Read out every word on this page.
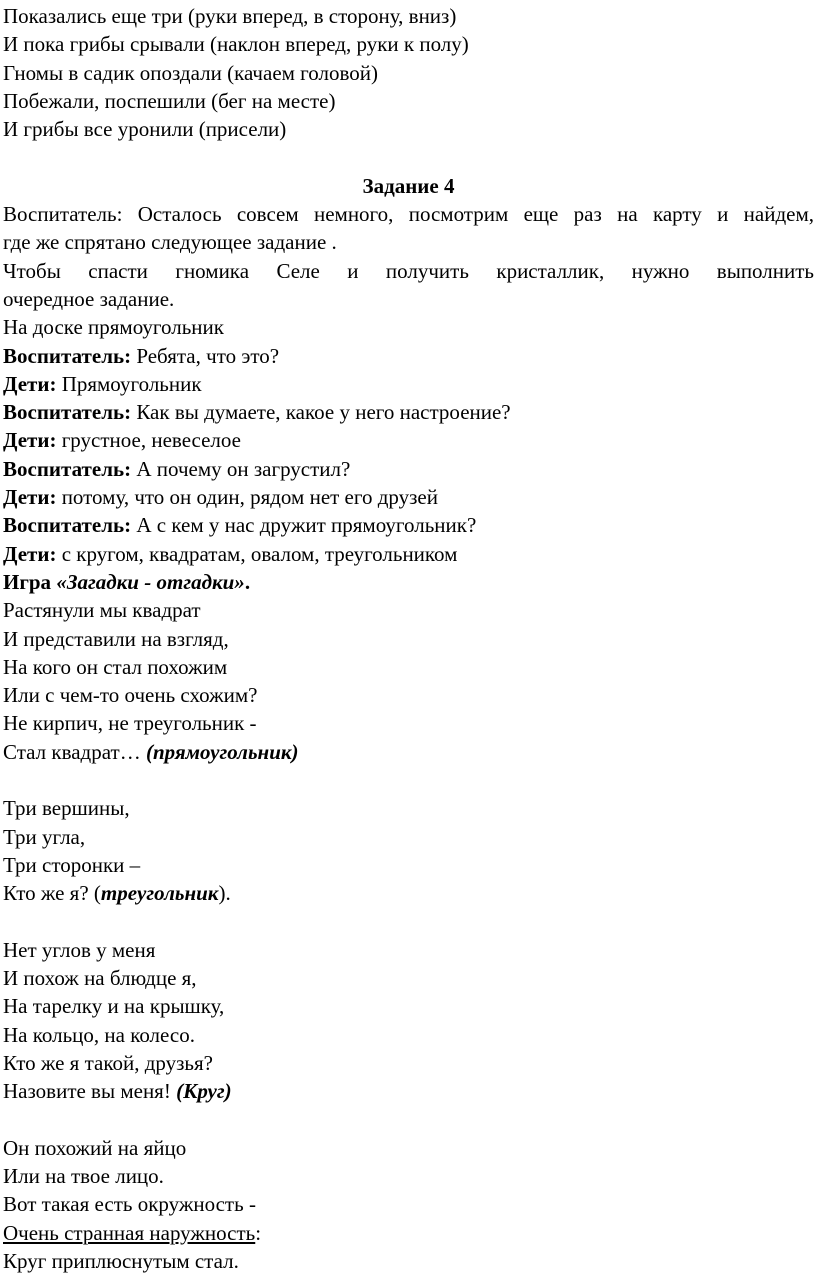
Показались еще три (руки вперед, в сторону, вниз)
И пока грибы срывали (наклон вперед, руки к полу)
Гномы в садик опоздали (качаем головой)
Побежали, поспешили (бег на месте)
И грибы все уронили (присели)
Задание 4
Воспитатель: Осталось совсем немного, посмотрим еще раз на карту и найдем,
где же спрятано следующее задание .
Чтобы спасти гномика Селе и получить кристаллик, нужно выполнить
очередное задание.
На доске прямоугольник
Воспитатель: Ребята, что это?
Дети: Прямоугольник
Воспитатель: Как вы думаете, какое у него настроение?
Дети: грустное, невеселое
Воспитатель: А почему он загрустил?
Дети: потому, что он один, рядом нет его друзей
Воспитатель: А с кем у нас дружит прямоугольник?
Дети: с кругом, квадратам, овалом, треугольником
Игра «Загадки - отгадки».
Растянули мы квадрат
И представили на взгляд,
На кого он стал похожим
Или с чем-то очень схожим?
Не кирпич, не треугольник -
Стал квадрат… (прямоугольник)
Три вершины,
Три угла,
Три сторонки –
Кто же я? (треугольник).
Нет углов у меня
И похож на блюдце я,
На тарелку и на крышку,
На кольцо, на колесо.
Кто же я такой, друзья?
Назовите вы меня! (Круг)
Он похожий на яйцо
Или на твое лицо.
Вот такая есть окружность -
Очень странная наружность:
Круг приплюснутым стал.
